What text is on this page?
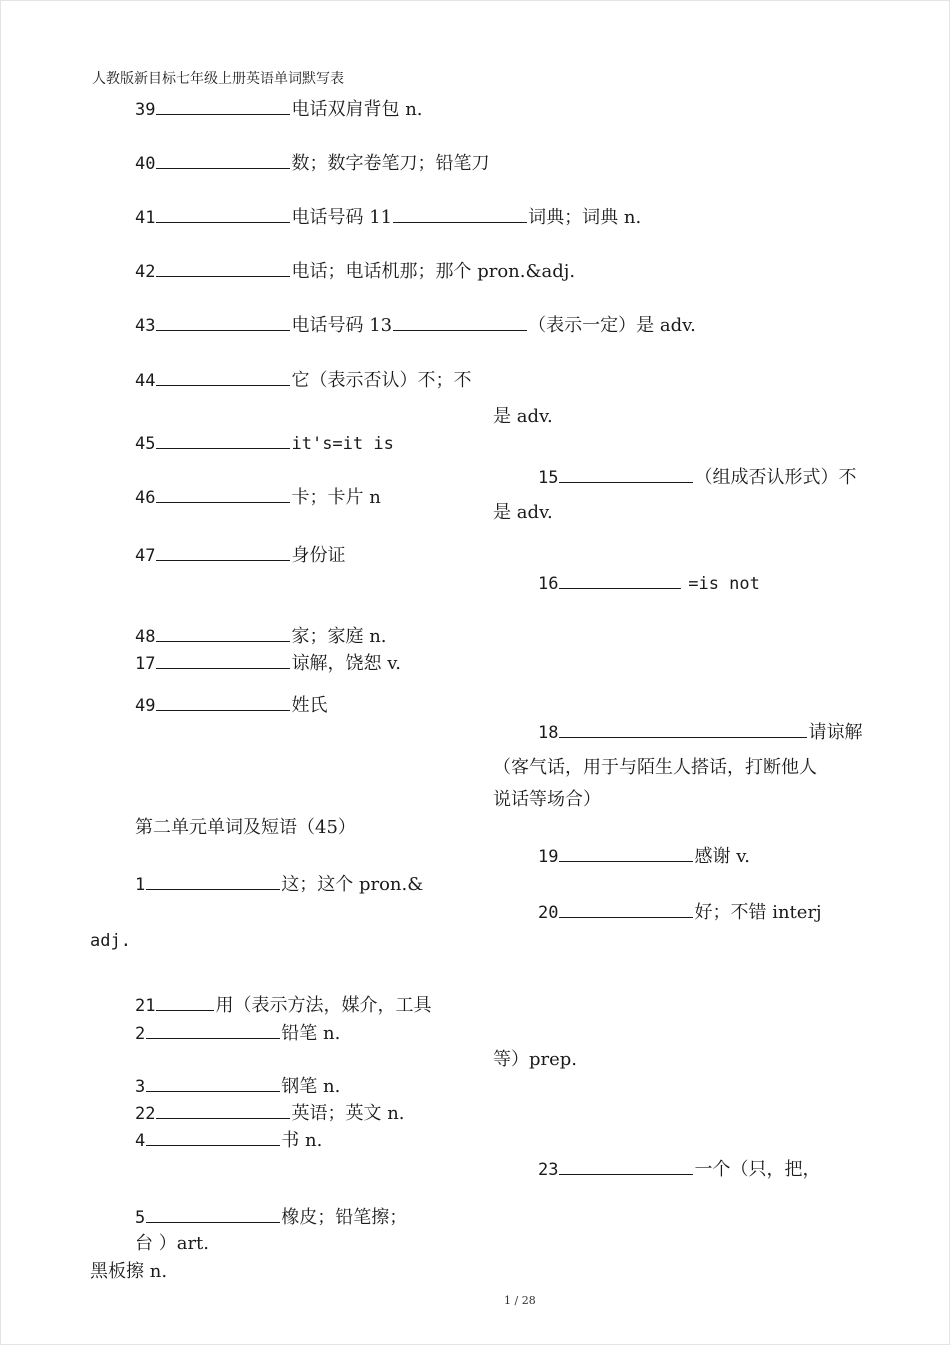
人教版新目标七年级上册英语单词默写表
39	电话双肩背包 n.
40	数；数字卷笔刀；铅笔刀
41	电话号码 11	词典；词典 n.
42	电话；电话机那；那个 pron.&adj.
43	电话号码 13	（表示一定）是 adv.
44	它（表示否认）不；不
是 adv.
45	it's=it is
15	（组成否认形式）不
是 adv.
46	卡；卡片 n
47	身份证
16	=is not
48	家；家庭 n.
17	谅解，饶恕 v.
49	姓氏
18	请谅解
（客气话，用于与陌生人搭话，打断他人
说话等场合）
第二单元单词及短语（45）
19	感谢 v.
1	这；这个 pron.&
20	好；不错 interj
adj.
21	用（表示方法，媒介，工具
2	铅笔 n.
等）prep.
3	钢笔 n.
22	英语；英文 n.
4	书 n.
23	一个（只，把，
5	橡皮；铅笔擦；
台 ）art.
黑板擦 n.
1 / 28
